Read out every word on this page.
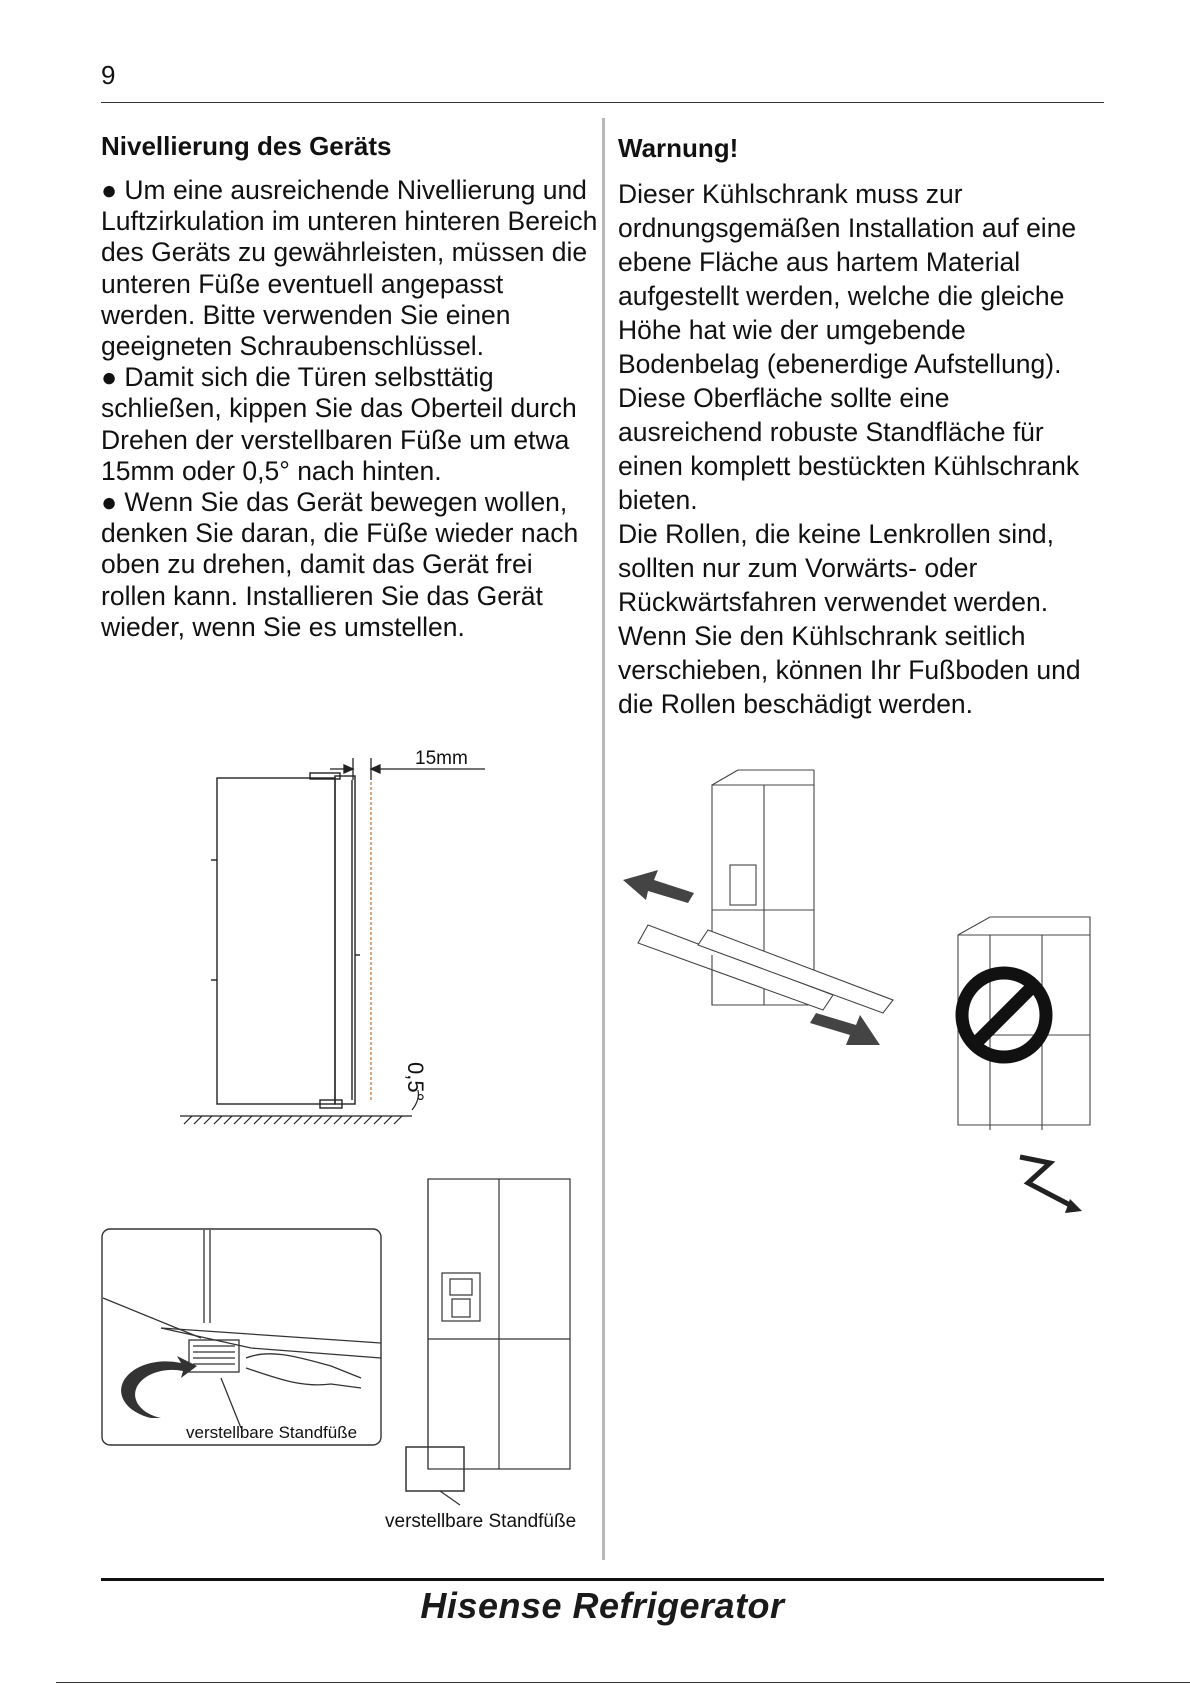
9
Nivellierung des Geräts

● Um eine ausreichende Nivellierung und Luftzirkulation im unteren hinteren Bereich des Geräts zu gewährleisten, müssen die unteren Füße eventuell angepasst werden. Bitte verwenden Sie einen geeigneten Schraubenschlüssel.

● Damit sich die Türen selbsttätig schließen, kippen Sie das Oberteil durch Drehen der verstellbaren Füße um etwa 15mm oder 0,5° nach hinten.

● Wenn Sie das Gerät bewegen wollen, denken Sie daran, die Füße wieder nach oben zu drehen, damit das Gerät frei rollen kann. Installieren Sie das Gerät wieder, wenn Sie es umstellen.

Warnung!

Dieser Kühlschrank muss zur ordnungsgemäßen Installation auf eine ebene Fläche aus hartem Material aufgestellt werden, welche die gleiche Höhe hat wie der umgebende Bodenbelag (ebenerdige Aufstellung). Diese Oberfläche sollte eine ausreichend robuste Standfläche für einen komplett bestückten Kühlschrank bieten.

Die Rollen, die keine Lenkrollen sind, sollten nur zum Vorwärts- oder Rückwärtsfahren verwendet werden. Wenn Sie den Kühlschrank seitlich verschieben, können Ihr Fußboden und die Rollen beschädigt werden.

15mm
0,5°
verstellbare Standfüße
verstellbare Standfüße
Hisense Refrigerator
